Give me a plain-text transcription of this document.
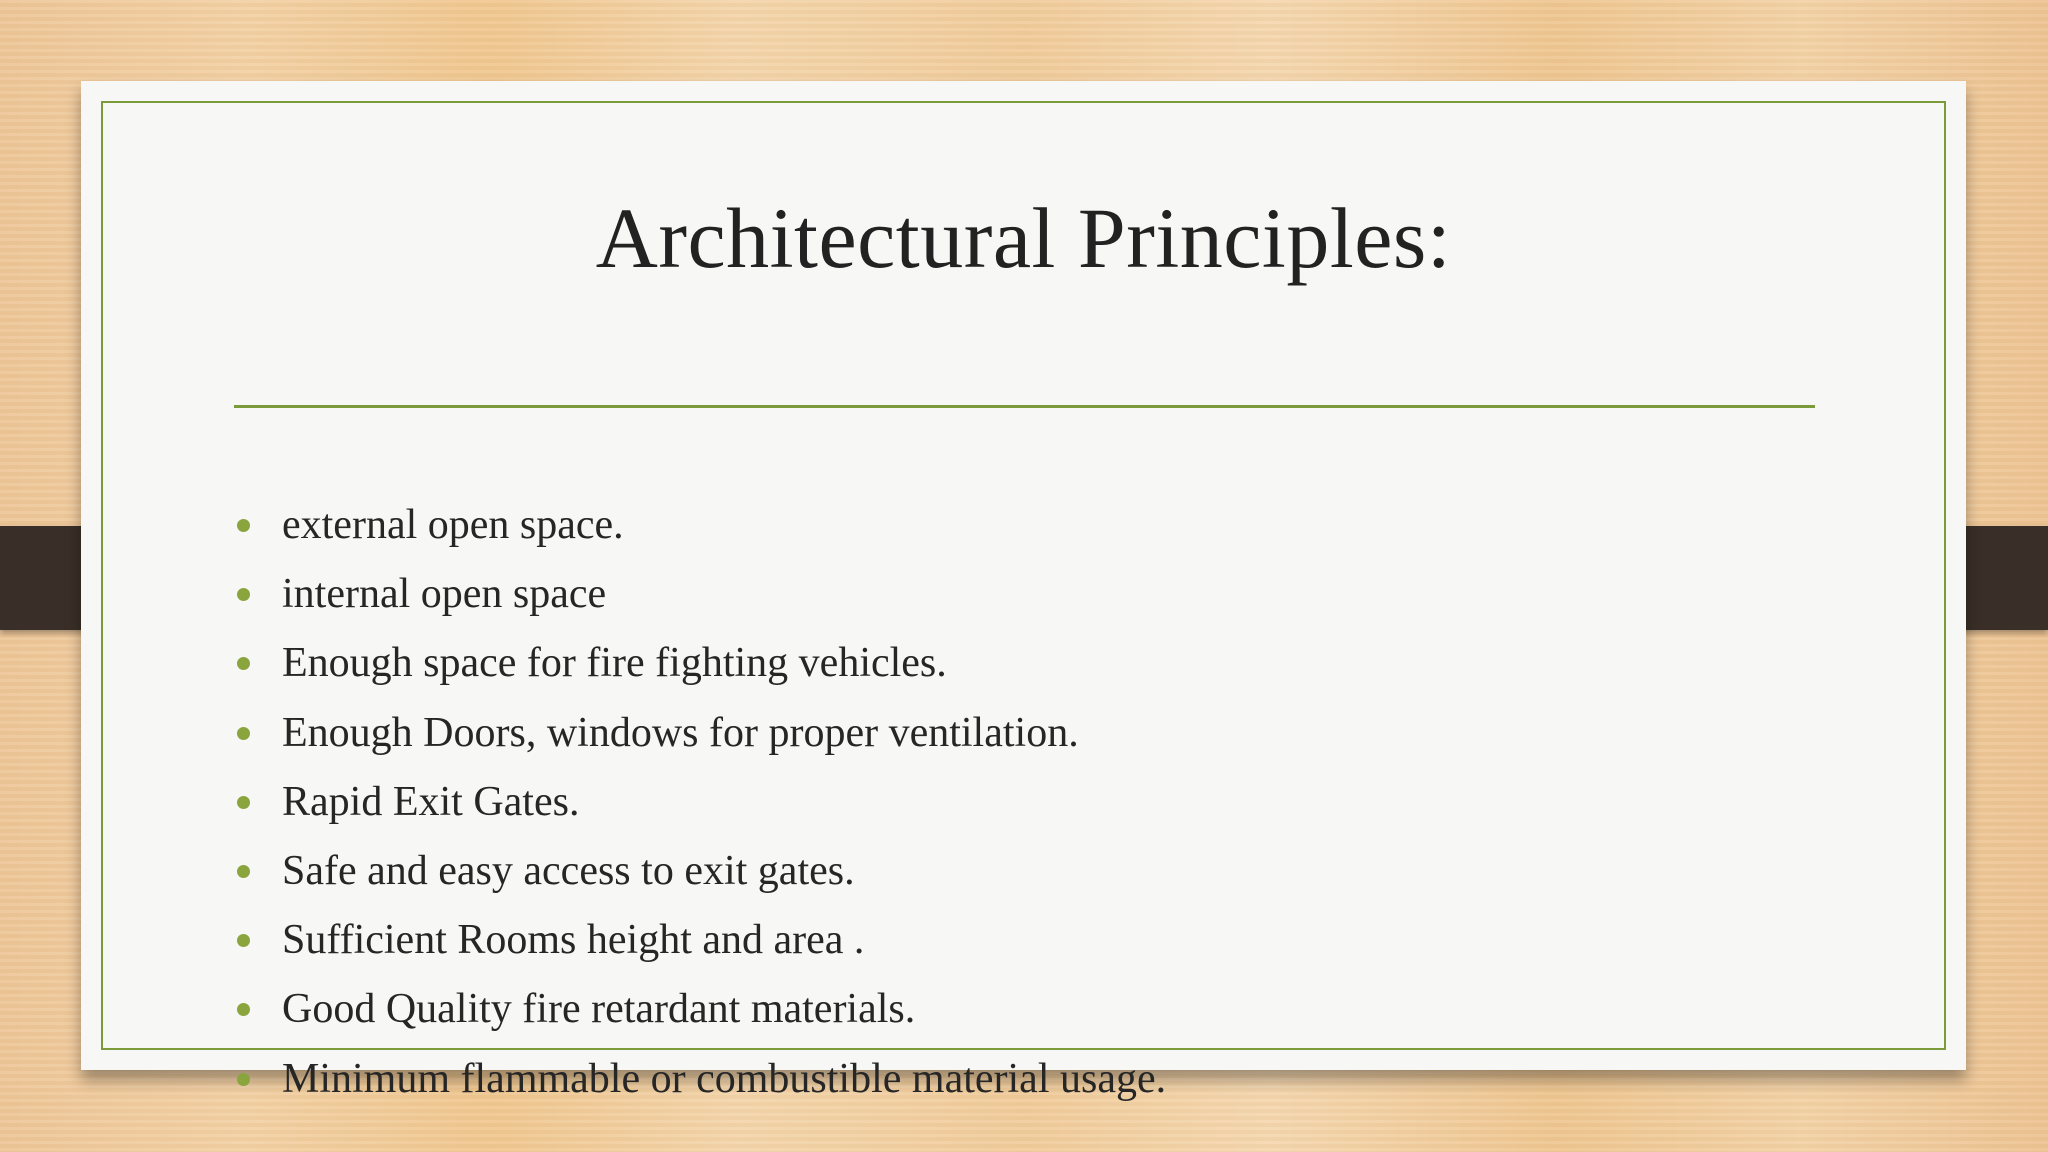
Architectural Principles:
external open space.
internal open space
Enough space for fire fighting vehicles.
Enough Doors, windows for proper ventilation.
Rapid Exit Gates.
Safe and easy access to exit gates.
Sufficient Rooms height and area .
Good Quality fire retardant materials.
Minimum flammable or combustible material usage.
